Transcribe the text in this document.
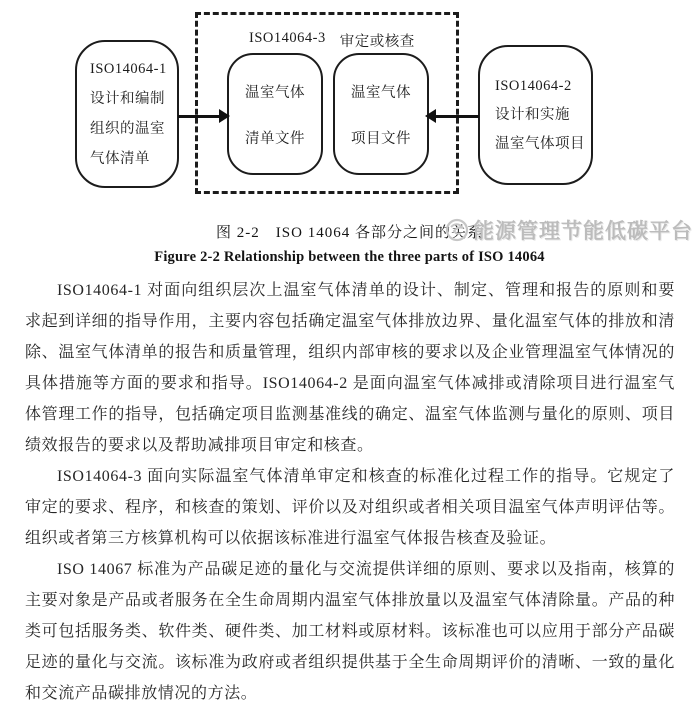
ISO14064-1
设计和编制
组织的温室
气体清单
ISO14064-3 审定或核查
温室气体
清单文件
温室气体
项目文件
ISO14064-2
设计和实施
温室气体项目
图 2-2　ISO 14064 各部分之间的关系
能源管理节能低碳平台
Figure 2-2 Relationship between the three parts of ISO 14064

ISO14064-1 对面向组织层次上温室气体清单的设计、制定、管理和报告的原则和要求起到详细的指导作用，主要内容包括确定温室气体排放边界、量化温室气体的排放和清除、温室气体清单的报告和质量管理，组织内部审核的要求以及企业管理温室气体情况的具体措施等方面的要求和指导。ISO14064-2 是面向温室气体减排或清除项目进行温室气体管理工作的指导，包括确定项目监测基准线的确定、温室气体监测与量化的原则、项目绩效报告的要求以及帮助减排项目审定和核查。

ISO14064-3 面向实际温室气体清单审定和核查的标准化过程工作的指导。它规定了审定的要求、程序，和核查的策划、评价以及对组织或者相关项目温室气体声明评估等。组织或者第三方核算机构可以依据该标准进行温室气体报告核查及验证。

ISO 14067 标准为产品碳足迹的量化与交流提供详细的原则、要求以及指南，核算的主要对象是产品或者服务在全生命周期内温室气体排放量以及温室气体清除量。产品的种类可包括服务类、软件类、硬件类、加工材料或原材料。该标准也可以应用于部分产品碳足迹的量化与交流。该标准为政府或者组织提供基于全生命周期评价的清晰、一致的量化和交流产品碳排放情况的方法。
